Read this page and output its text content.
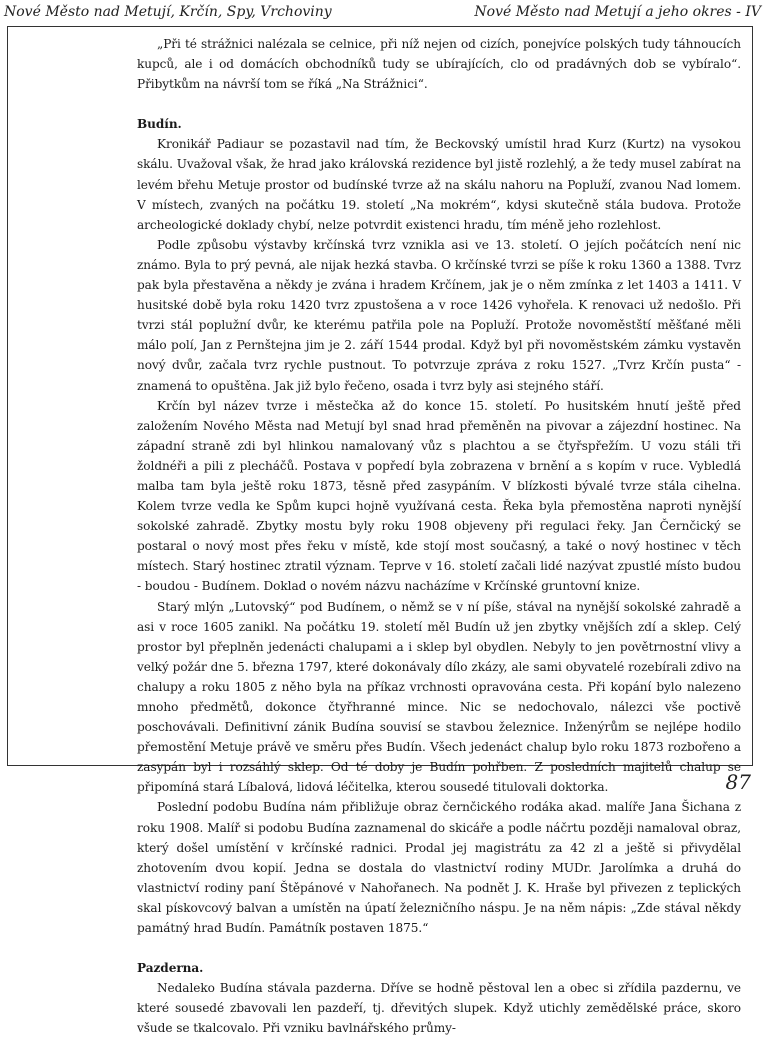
Nové Město nad Metují, Krčín, Spy, Vrchoviny	Nové Město nad Metují a jeho okres - IV

„Při té strážnici nalézala se celnice, při níž nejen od cizích, ponejvíce polských tudy táhnoucích kupců, ale i od domácích obchodníků tudy se ubírajících, clo od pradávných dob se vybíralo“. Přibytkům na návrší tom se říká „Na Strážnici“.

Budín.

Kronikář Padiaur se pozastavil nad tím, že Beckovský umístil hrad Kurz (Kurtz) na vysokou skálu. Uvažoval však, že hrad jako královská rezidence byl jistě rozlehlý, a že tedy musel zabírat na levém břehu Metuje prostor od budínské tvrze až na skálu nahoru na Popluží, zvanou Nad lomem. V místech, zvaných na počátku 19. století „Na mokrém“, kdysi skutečně stála budova. Protože archeologické doklady chybí, nelze potvrdit existenci hradu, tím méně jeho rozlehlost.

Podle způsobu výstavby krčínská tvrz vznikla asi ve 13. století. O jejích počátcích není nic známo. Byla to prý pevná, ale nijak hezká stavba. O krčínské tvrzi se píše k roku 1360 a 1388. Tvrz pak byla přestavěna a někdy je zvána i hradem Krčínem, jak je o něm zmínka z let 1403 a 1411. V husitské době byla roku 1420 tvrz zpustošena a v roce 1426 vyhořela. K renovaci už nedošlo. Při tvrzi stál poplužní dvůr, ke kterému patřila pole na Popluží. Protože novoměstští měšťané měli málo polí, Jan z Pernštejna jim je 2. září 1544 prodal. Když byl při novoměstském zámku vystavěn nový dvůr, začala tvrz rychle pustnout. To potvrzuje zpráva z roku 1527. „Tvrz Krčín pusta“ - znamená to opuštěna. Jak již bylo řečeno, osada i tvrz byly asi stejného stáří.

Krčín byl název tvrze i městečka až do konce 15. století. Po husitském hnutí ještě před založením Nového Města nad Metují byl snad hrad přeměněn na pivovar a zájezdní hostinec. Na západní straně zdi byl hlinkou namalovaný vůz s plachtou a se čtyřspřežím. U vozu stáli tři žoldnéři a pili z plecháčů. Postava v popředí byla zobrazena v brnění a s kopím v ruce. Vybledlá malba tam byla ještě roku 1873, těsně před zasypáním. V blízkosti bývalé tvrze stála cihelna. Kolem tvrze vedla ke Spům kupci hojně využívaná cesta. Řeka byla přemostěna naproti nynější sokolské zahradě. Zbytky mostu byly roku 1908 objeveny při regulaci řeky. Jan Černčický se postaral o nový most přes řeku v místě, kde stojí most současný, a také o nový hostinec v těch místech. Starý hostinec ztratil význam. Teprve v 16. století začali lidé nazývat zpustlé místo budou - boudou - Budínem. Doklad o novém názvu nacházíme v Krčínské gruntovní knize.

Starý mlýn „Lutovský“ pod Budínem, o němž se v ní píše, stával na nynější sokolské zahradě a asi v roce 1605 zanikl. Na počátku 19. století měl Budín už jen zbytky vnějších zdí a sklep. Celý prostor byl přeplněn jedenácti chalupami a i sklep byl obydlen. Nebyly to jen povětrnostní vlivy a velký požár dne 5. března 1797, které dokonávaly dílo zkázy, ale sami obyvatelé rozebírali zdivo na chalupy a roku 1805 z něho byla na příkaz vrchnosti opravována cesta. Při kopání bylo nalezeno mnoho předmětů, dokonce čtyřhranné mince. Nic se nedochovalo, nálezci vše poctivě poschovávali. Definitivní zánik Budína souvisí se stavbou železnice. Inženýrům se nejlépe hodilo přemostění Metuje právě ve směru přes Budín. Všech jedenáct chalup bylo roku 1873 rozbořeno a zasypán byl i rozsáhlý sklep. Od té doby je Budín pohřben. Z posledních majitelů chalup se připomíná stará Líbalová, lidová léčitelka, kterou sousedé titulovali doktorka.

Poslední podobu Budína nám přibližuje obraz černčického rodáka akad. malíře Jana Šichana z roku 1908. Malíř si podobu Budína zaznamenal do skicáře a podle náčrtu později namaloval obraz, který došel umístění v krčínské radnici. Prodal jej magistrátu za 42 zl a ještě si přivydělal zhotovením dvou kopií. Jedna se dostala do vlastnictví rodiny MUDr. Jarolímka a druhá do vlastnictví rodiny paní Štěpánové v Nahořanech. Na podnět J. K. Hraše byl přivezen z teplických skal pískovcový balvan a umístěn na úpatí železničního náspu. Je na něm nápis: „Zde stával někdy památný hrad Budín. Památník postaven 1875.“

Pazderna.

Nedaleko Budína stávala pazderna. Dříve se hodně pěstoval len a obec si zřídila pazdernu, ve které sousedé zbavovali len pazdeří, tj. dřevitých slupek. Když utichly zemědělské práce, skoro všude se tkalcovalo. Při vzniku bavlnářského průmy-

87
